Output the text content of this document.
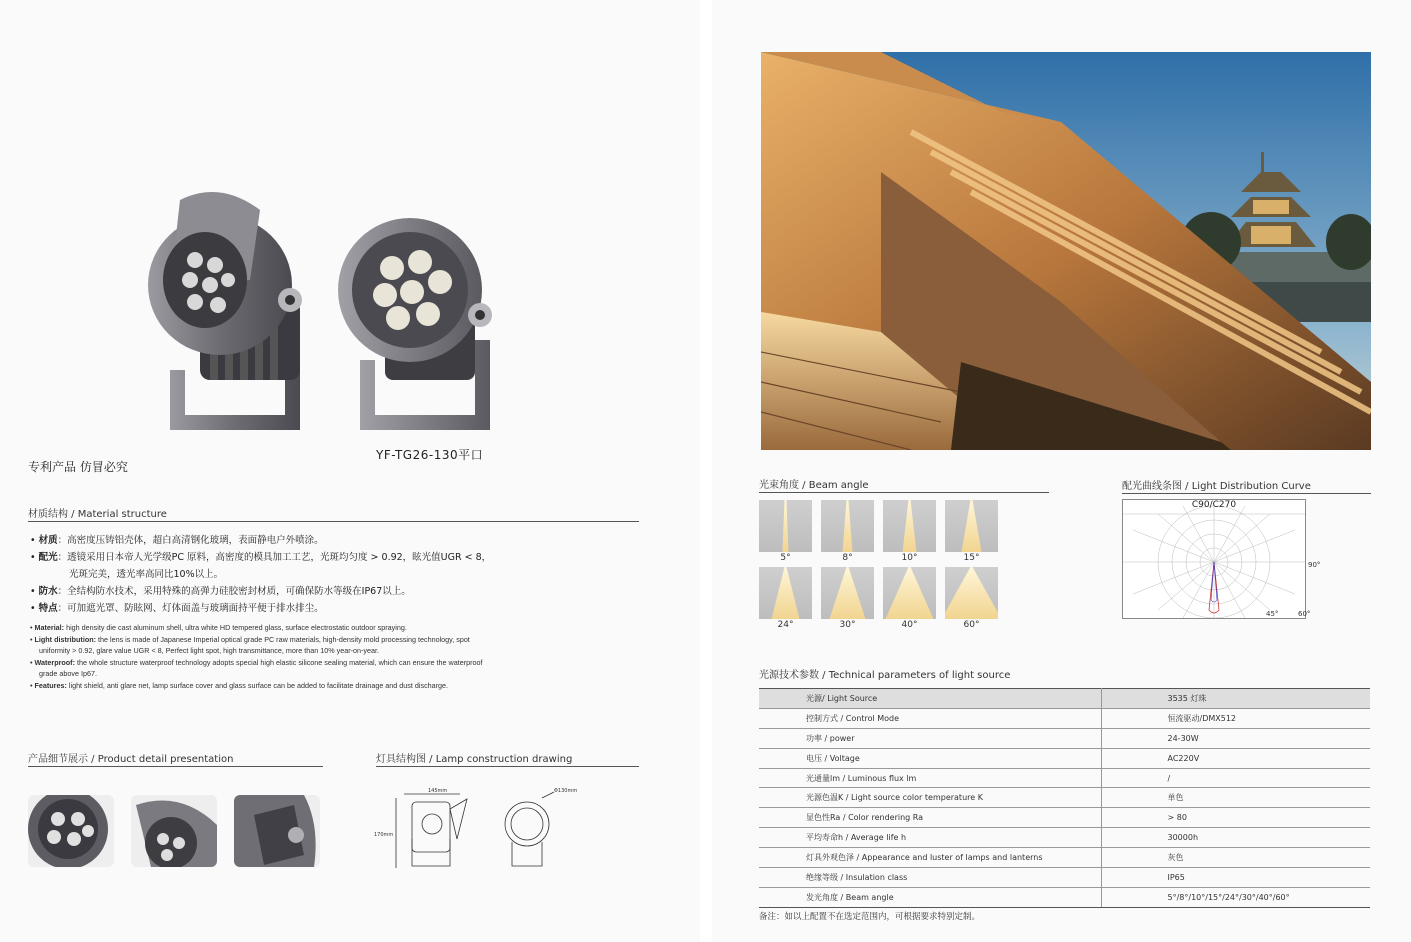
YF-TG26-130平口
专利产品 仿冒必究
材质结构 / Material structure
• 材质：高密度压铸铝壳体，超白高清钢化玻璃，表面静电户外喷涂。
• 配光：透镜采用日本帝人光学级PC 原料，高密度的模具加工工艺，光斑均匀度 > 0.92，眩光值UGR < 8，
光斑完美，透光率高同比10%以上。
• 防水：全结构防水技术，采用特殊的高弹力硅胶密封材质，可确保防水等级在IP67以上。
• 特点：可加遮光罩、防眩网、灯体面盖与玻璃面持平便于排水排尘。
• Material: high density die cast aluminum shell, ultra white HD tempered glass, surface electrostatic outdoor spraying.
• Light distribution: the lens is made of Japanese Imperial optical grade PC raw materials, high-density mold processing technology, spot
uniformity > 0.92, glare value UGR < 8, Perfect light spot, high transmittance, more than 10% year-on-year.
• Waterproof: the whole structure waterproof technology adopts special high elastic silicone sealing material, which can ensure the waterproof
grade above Ip67.
• Features: light shield, anti glare net, lamp surface cover and glass surface can be added to facilitate drainage and dust discharge.
产品细节展示 / Product detail presentation	灯具结构图 / Lamp construction drawing
145mm
170mm
Φ130mm
光束角度 / Beam angle	配光曲线条图 / Light Distribution Curve
5°	8°	10°	15°
24°	30°	40°	60°
C90/C270
90°
45°	60°
光源技术参数 / Technical parameters of light source
光源/ Light Source	3535 灯珠
控制方式 / Control Mode	恒流驱动/DMX512
功率 / power	24-30W
电压 / Voltage	AC220V
光通量lm / Luminous flux lm	/
光源色温K / Light source color temperature K	单色
显色性Ra / Color rendering Ra	> 80
平均寿命h / Average life h	30000h
灯具外观色泽 / Appearance and luster of lamps and lanterns	灰色
绝缘等级 / Insulation class	IP65
发光角度 / Beam angle	5°/8°/10°/15°/24°/30°/40°/60°
备注：如以上配置不在选定范围内，可根据要求特别定制。
